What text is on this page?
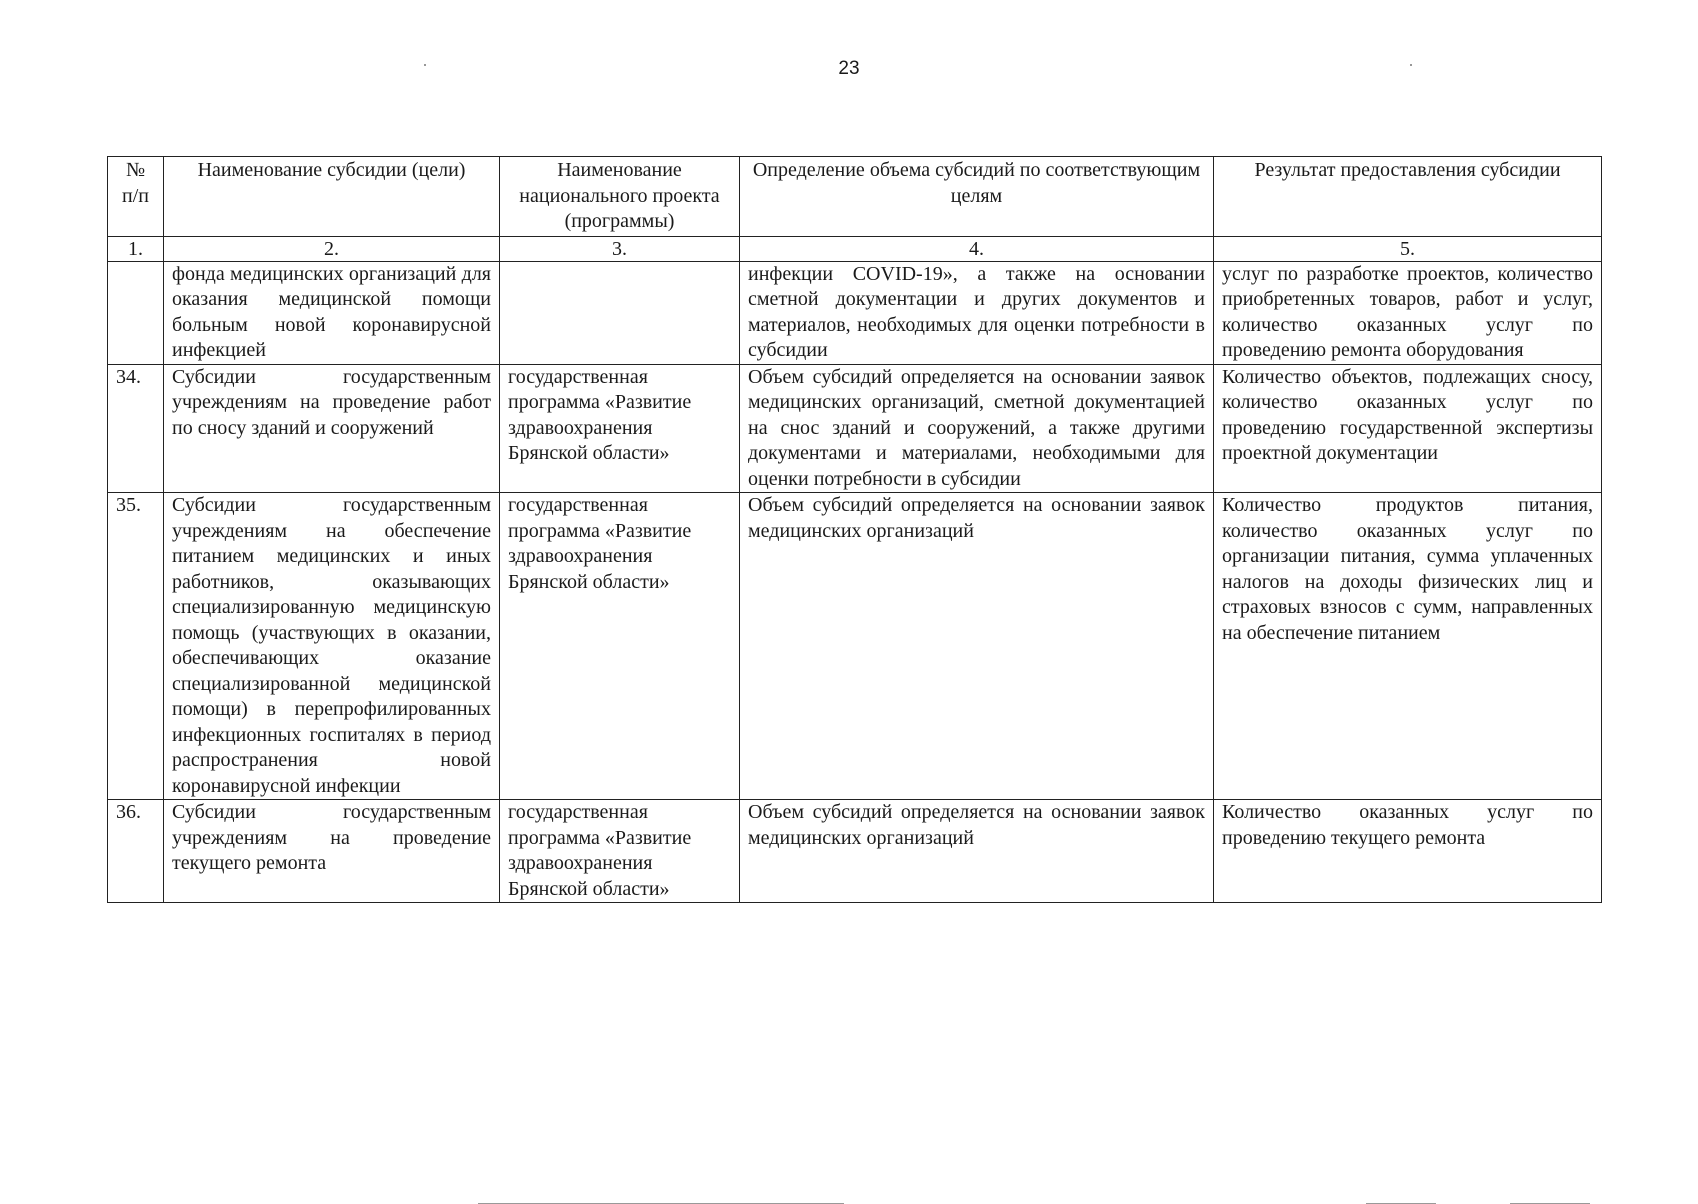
23
№ п/п	Наименование субсидии (цели)	Наименование национального проекта (программы)	Определение объема субсидий по соответствующим целям	Результат предоставления субсидии
1.	2.	3.	4.	5.
	фонда медицинских организаций для оказания медицинской помощи больным новой коронавирусной инфекцией		инфекции COVID-19», а также на основании сметной документации и других документов и материалов, необходимых для оценки потребности в субсидии	услуг по разработке проектов, количество приобретенных товаров, работ и услуг, количество оказанных услуг по проведению ремонта оборудования
34.	Субсидии государственным учреждениям на проведение работ по сносу зданий и сооружений	государственная программа «Развитие здравоохранения Брянской области»	Объем субсидий определяется на основании заявок медицинских организаций, сметной документацией на снос зданий и сооружений, а также другими документами и материалами, необходимыми для оценки потребности в субсидии	Количество объектов, подлежащих сносу, количество оказанных услуг по проведению государственной экспертизы проектной документации
35.	Субсидии государственным учреждениям на обеспечение питанием медицинских и иных работников, оказывающих специализированную медицинскую помощь (участвующих в оказании, обеспечивающих оказание специализированной медицинской помощи) в перепрофилированных инфекционных госпиталях в период распространения новой коронавирусной инфекции	государственная программа «Развитие здравоохранения Брянской области»	Объем субсидий определяется на основании заявок медицинских организаций	Количество продуктов питания, количество оказанных услуг по организации питания, сумма уплаченных налогов на доходы физических лиц и страховых взносов с сумм, направленных на обеспечение питанием
36.	Субсидии государственным учреждениям на проведение текущего ремонта	государственная программа «Развитие здравоохранения Брянской области»	Объем субсидий определяется на основании заявок медицинских организаций	Количество оказанных услуг по проведению текущего ремонта
